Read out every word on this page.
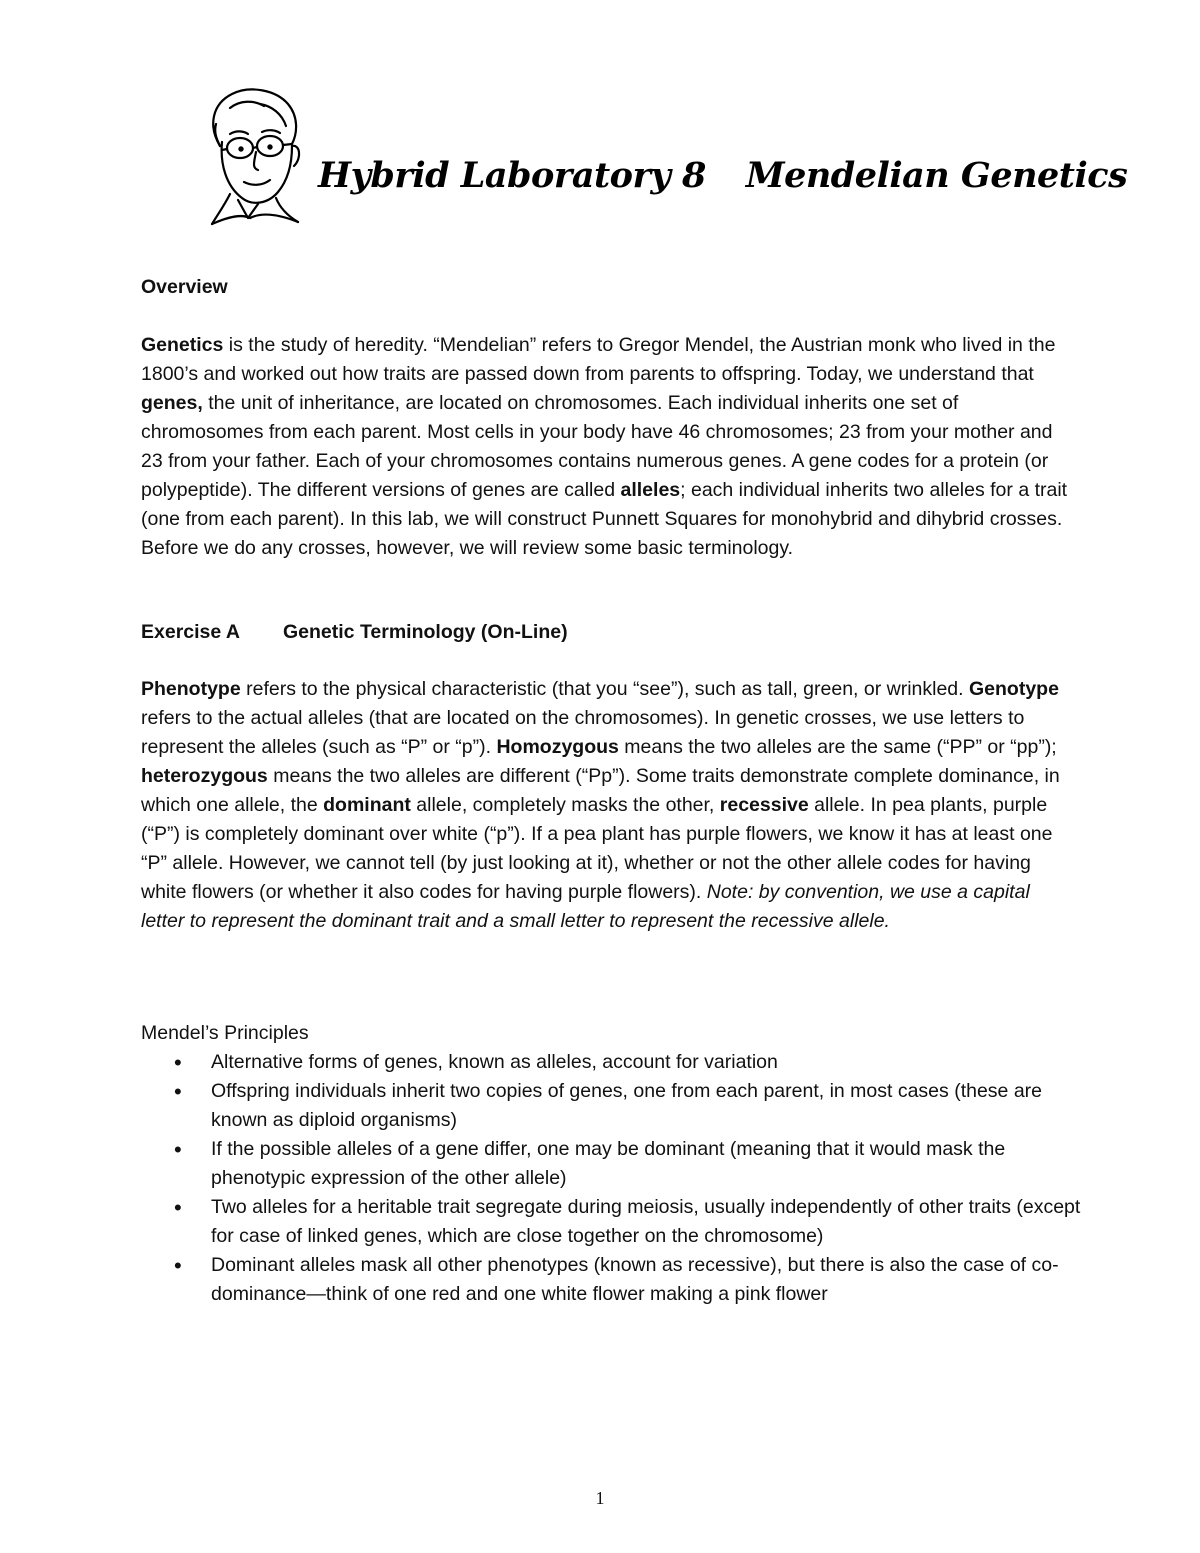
Hybrid Laboratory 8 Mendelian Genetics
Overview

Genetics is the study of heredity. “Mendelian” refers to Gregor Mendel, the Austrian monk who lived in the 1800’s and worked out how traits are passed down from parents to offspring. Today, we understand that genes, the unit of inheritance, are located on chromosomes. Each individual inherits one set of chromosomes from each parent. Most cells in your body have 46 chromosomes; 23 from your mother and 23 from your father. Each of your chromosomes contains numerous genes. A gene codes for a protein (or polypeptide). The different versions of genes are called alleles; each individual inherits two alleles for a trait (one from each parent). In this lab, we will construct Punnett Squares for monohybrid and dihybrid crosses. Before we do any crosses, however, we will review some basic terminology.

Exercise A Genetic Terminology (On-Line)

Phenotype refers to the physical characteristic (that you “see”), such as tall, green, or wrinkled. Genotype refers to the actual alleles (that are located on the chromosomes). In genetic crosses, we use letters to represent the alleles (such as “P” or “p”). Homozygous means the two alleles are the same (“PP” or “pp”); heterozygous means the two alleles are different (“Pp”). Some traits demonstrate complete dominance, in which one allele, the dominant allele, completely masks the other, recessive allele. In pea plants, purple (“P”) is completely dominant over white (“p”). If a pea plant has purple flowers, we know it has at least one “P” allele. However, we cannot tell (by just looking at it), whether or not the other allele codes for having white flowers (or whether it also codes for having purple flowers). Note: by convention, we use a capital letter to represent the dominant trait and a small letter to represent the recessive allele.

Mendel’s Principles
• Alternative forms of genes, known as alleles, account for variation
• Offspring individuals inherit two copies of genes, one from each parent, in most cases (these are known as diploid organisms)
• If the possible alleles of a gene differ, one may be dominant (meaning that it would mask the phenotypic expression of the other allele)
• Two alleles for a heritable trait segregate during meiosis, usually independently of other traits (except for case of linked genes, which are close together on the chromosome)
• Dominant alleles mask all other phenotypes (known as recessive), but there is also the case of co-dominance—think of one red and one white flower making a pink flower
1
